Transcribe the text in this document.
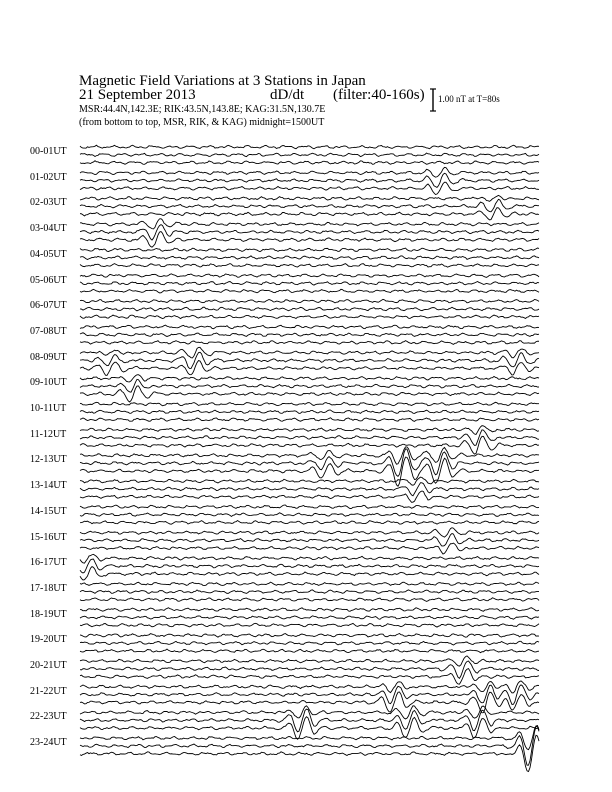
Magnetic Field Variations at 3 Stations in Japan
21 September 2013	dD/dt (filter:40-160s)
MSR:44.4N,142.3E; RIK:43.5N,143.8E; KAG:31.5N,130.7E
(from bottom to top, MSR, RIK, & KAG) midnight=1500UT
1.00 nT at T=80s
00-01UT
01-02UT
02-03UT
03-04UT
04-05UT
05-06UT
06-07UT
07-08UT
08-09UT
09-10UT
10-11UT
11-12UT
12-13UT
13-14UT
14-15UT
15-16UT
16-17UT
17-18UT
18-19UT
19-20UT
20-21UT
21-22UT
22-23UT
23-24UT
